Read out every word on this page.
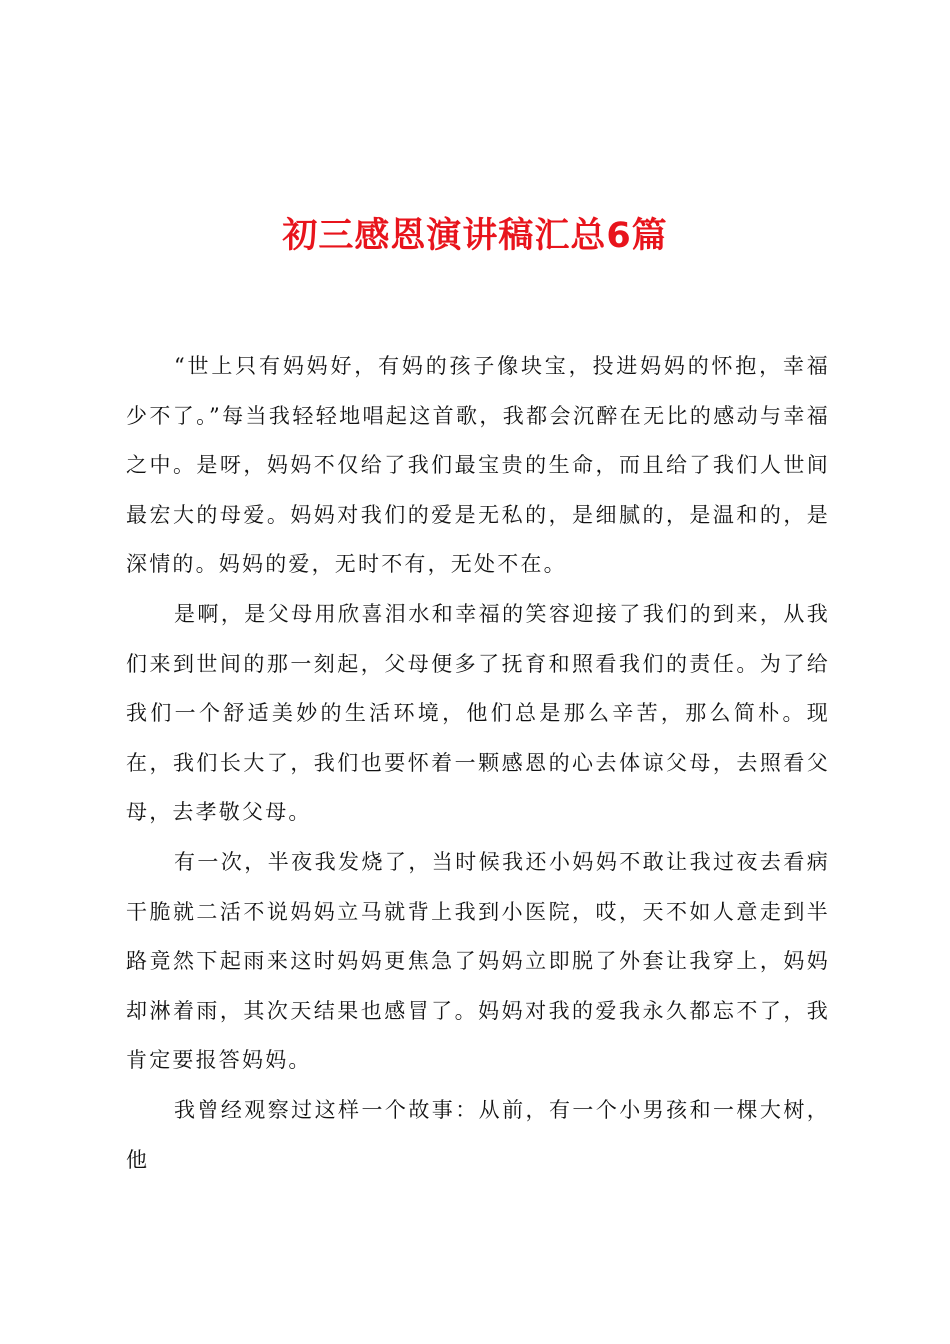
初三感恩演讲稿汇总6篇

“世上只有妈妈好，有妈的孩子像块宝，投进妈妈的怀抱，幸福少不了。”每当我轻轻地唱起这首歌，我都会沉醉在无比的感动与幸福之中。是呀，妈妈不仅给了我们最宝贵的生命，而且给了我们人世间最宏大的母爱。妈妈对我们的爱是无私的，是细腻的，是温和的，是深情的。妈妈的爱，无时不有，无处不在。

是啊，是父母用欣喜泪水和幸福的笑容迎接了我们的到来，从我们来到世间的那一刻起，父母便多了抚育和照看我们的责任。为了给我们一个舒适美妙的生活环境，他们总是那么辛苦，那么简朴。现在，我们长大了，我们也要怀着一颗感恩的心去体谅父母，去照看父母，去孝敬父母。

有一次，半夜我发烧了，当时候我还小妈妈不敢让我过夜去看病干脆就二活不说妈妈立马就背上我到小医院，哎，天不如人意走到半路竟然下起雨来这时妈妈更焦急了妈妈立即脱了外套让我穿上，妈妈却淋着雨，其次天结果也感冒了。妈妈对我的爱我永久都忘不了，我肯定要报答妈妈。

我曾经观察过这样一个故事：从前，有一个小男孩和一棵大树，他
